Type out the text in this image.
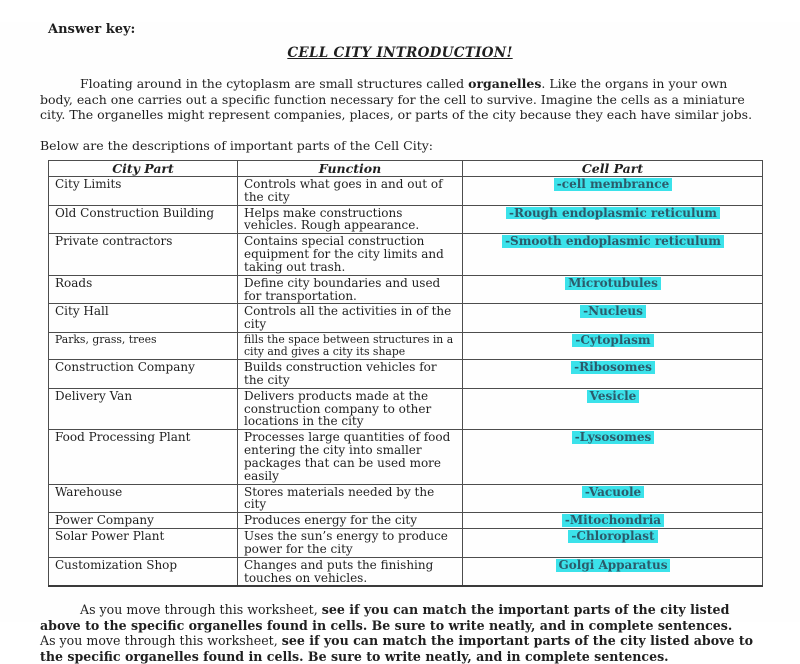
Answer key:
CELL CITY INTRODUCTION!

Floating around in the cytoplasm are small structures called organelles. Like the organs in your own body, each one carries out a specific function necessary for the cell to survive. Imagine the cells as a miniature city. The organelles might represent companies, places, or parts of the city because they each have similar jobs.

Below are the descriptions of important parts of the Cell City:

City Part	Function	Cell Part
City Limits	Controls what goes in and out of the city	-cell membrance
Old Construction Building	Helps make constructions vehicles. Rough appearance.	-Rough endoplasmic reticulum
Private contractors	Contains special construction equipment for the city limits and taking out trash.	-Smooth endoplasmic reticulum
Roads	Define city boundaries and used for transportation.	Microtubules
City Hall	Controls all the activities in of the city	-Nucleus
Parks, grass, trees	fills the space between structures in a city and gives a city its shape	-Cytoplasm
Construction Company	Builds construction vehicles for the city	-Ribosomes
Delivery Van	Delivers products made at the construction company to other locations in the city	Vesicle
Food Processing Plant	Processes large quantities of food entering the city into smaller packages that can be used more easily	-Lysosomes
Warehouse	Stores materials needed by the city	-Vacuole
Power Company	Produces energy for the city	-Mitochondria
Solar Power Plant	Uses the sun’s energy to produce power for the city	-Chloroplast
Customization Shop	Changes and puts the finishing touches on vehicles.	Golgi Apparatus

As you move through this worksheet, see if you can match the important parts of the city listed above to the specific organelles found in cells. Be sure to write neatly, and in complete sentences.

As you move through this worksheet, see if you can match the important parts of the city listed above to the specific organelles found in cells. Be sure to write neatly, and in complete sentences.
